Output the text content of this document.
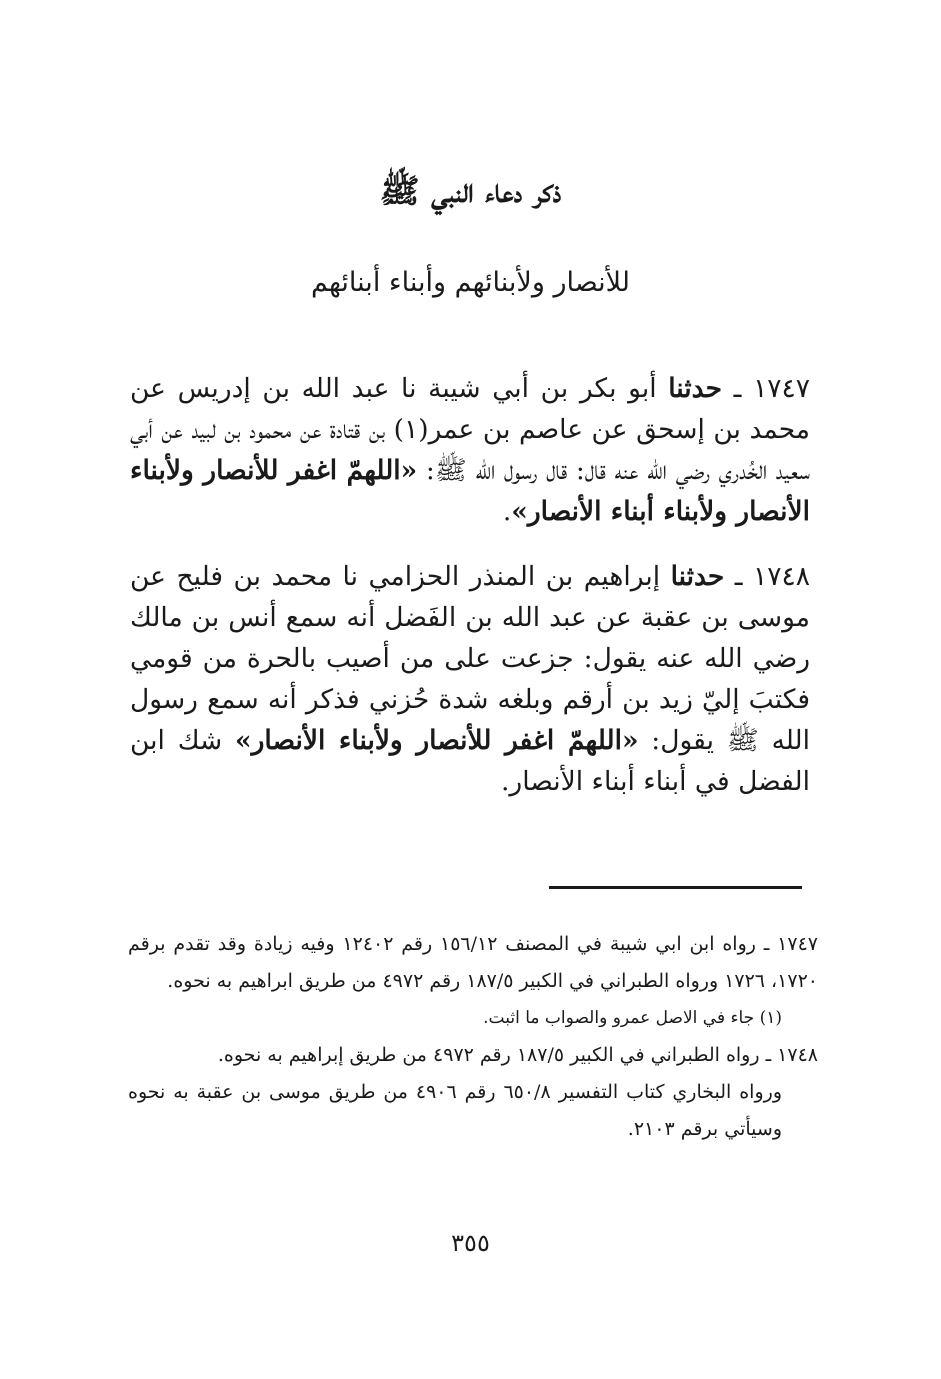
ذكر دعاء النبي ﷺ
للأنصار ولأبنائهم وأبناء أبنائهم

١٧٤٧ ـ حدثنا أبو بكر بن أبي شيبة نا عبد الله بن إدريس عن محمد بن إسحق عن عاصم بن عمر(١) بن قتادة عن محمود بن لبيد عن أبي سعيد الخُدري رضي الله عنه قال: قال رسول الله ﷺ: «اللهمّ اغفر للأنصار ولأبناء الأنصار ولأبناء أبناء الأنصار».

١٧٤٨ ـ حدثنا إبراهيم بن المنذر الحزامي نا محمد بن فليح عن موسى بن عقبة عن عبد الله بن الفَضل أنه سمع أنس بن مالك رضي الله عنه يقول: جزعت على من أصيب بالحرة من قومي فكتبَ إليّ زيد بن أرقم وبلغه شدة حُزني فذكر أنه سمع رسول الله ﷺ يقول: «اللهمّ اغفر للأنصار ولأبناء الأنصار» شك ابن الفضل في أبناء أبناء الأنصار.

١٧٤٧ ـ رواه ابن ابي شيبة في المصنف ١٥٦/١٢ رقم ١٢٤٠٢ وفيه زيادة وقد تقدم برقم ١٧٢٠، ١٧٢٦ ورواه الطبراني في الكبير ١٨٧/٥ رقم ٤٩٧٢ من طريق ابراهيم به نحوه.
(١) جاء في الاصل عمرو والصواب ما اثبت.
١٧٤٨ ـ رواه الطبراني في الكبير ١٨٧/٥ رقم ٤٩٧٢ من طريق إبراهيم به نحوه.
ورواه البخاري كتاب التفسير ٦٥٠/٨ رقم ٤٩٠٦ من طريق موسى بن عقبة به نحوه وسيأتي برقم ٢١٠٣.
٣٥٥
